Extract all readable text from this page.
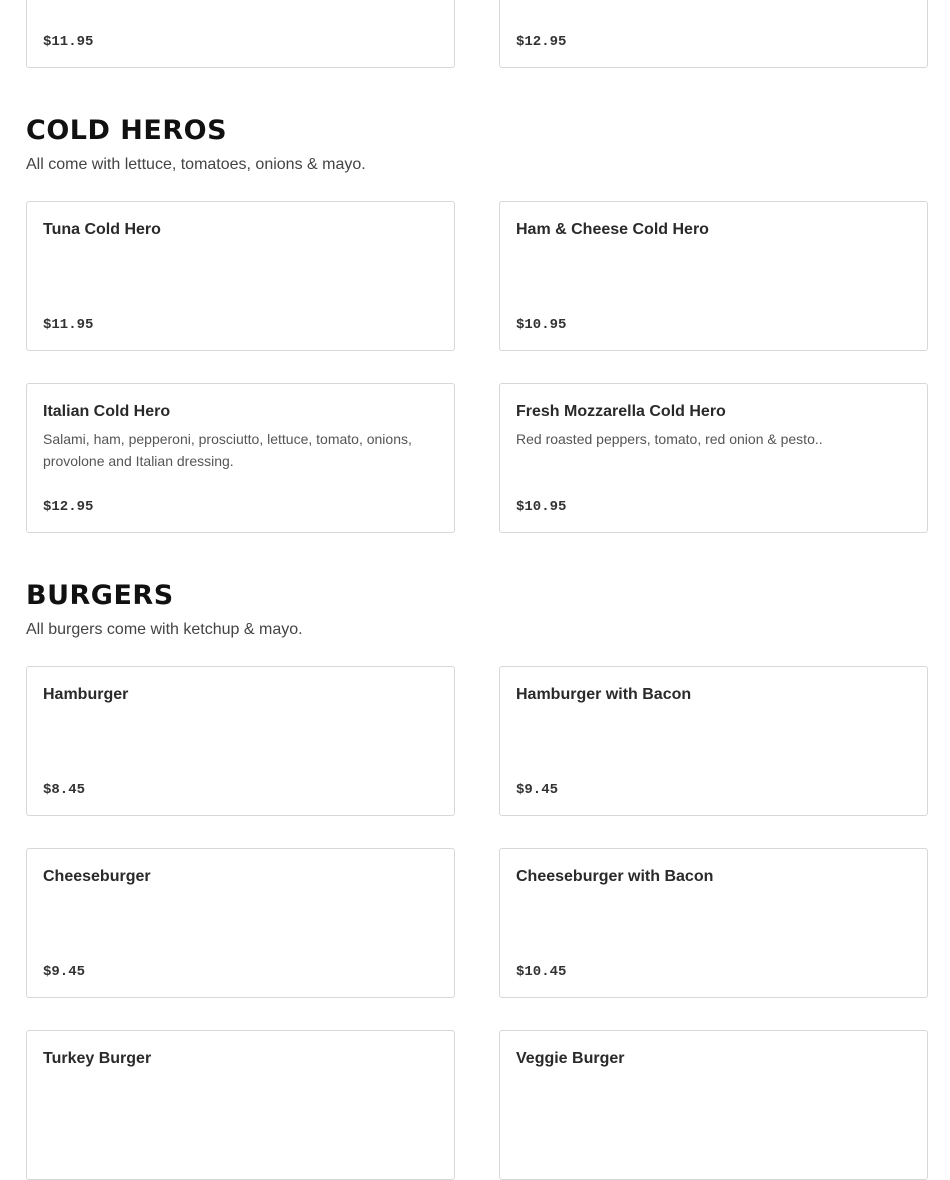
$11.95	$12.95
COLD HEROS

All come with lettuce, tomatoes, onions & mayo.

Tuna Cold Hero
$11.95
Ham & Cheese Cold Hero
$10.95
Italian Cold Hero
Salami, ham, pepperoni, prosciutto, lettuce, tomato, onions, provolone and Italian dressing.
$12.95
Fresh Mozzarella Cold Hero
Red roasted peppers, tomato, red onion & pesto..
$10.95
BURGERS

All burgers come with ketchup & mayo.

Hamburger
$8.45
Hamburger with Bacon
$9.45
Cheeseburger
$9.45
Cheeseburger with Bacon
$10.45
Turkey Burger	Veggie Burger
